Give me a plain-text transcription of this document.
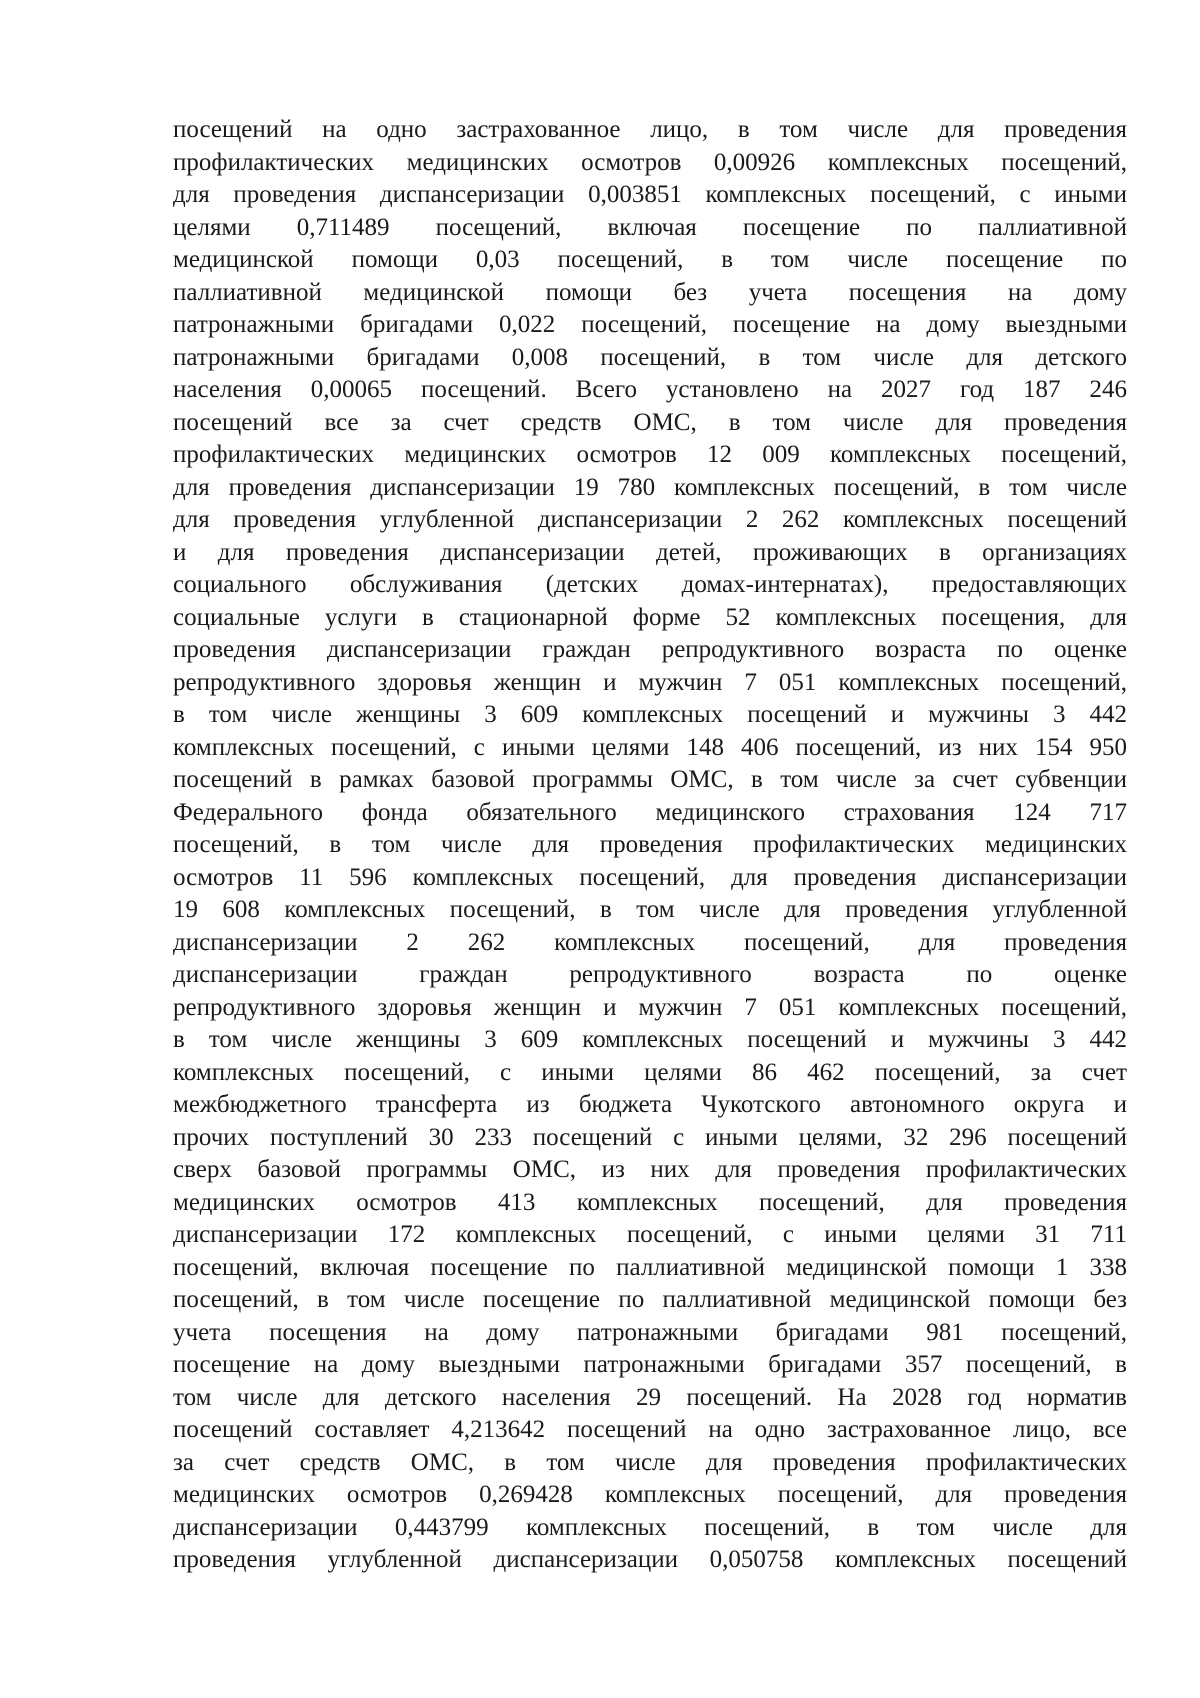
посещений на одно застрахованное лицо, в том числе для проведения
профилактических медицинских осмотров 0,00926 комплексных посещений,
для проведения диспансеризации 0,003851 комплексных посещений, с иными
целями 0,711489 посещений, включая посещение по паллиативной
медицинской помощи 0,03 посещений, в том числе посещение по
паллиативной медицинской помощи без учета посещения на дому
патронажными бригадами 0,022 посещений, посещение на дому выездными
патронажными бригадами 0,008 посещений, в том числе для детского
населения 0,00065 посещений. Всего установлено на 2027 год 187 246
посещений все за счет средств ОМС, в том числе для проведения
профилактических медицинских осмотров 12 009 комплексных посещений,
для проведения диспансеризации 19 780 комплексных посещений, в том числе
для проведения углубленной диспансеризации 2 262 комплексных посещений
и для проведения диспансеризации детей, проживающих в организациях
социального обслуживания (детских домах-интернатах), предоставляющих
социальные услуги в стационарной форме 52 комплексных посещения, для
проведения диспансеризации граждан репродуктивного возраста по оценке
репродуктивного здоровья женщин и мужчин 7 051 комплексных посещений,
в том числе женщины 3 609 комплексных посещений и мужчины 3 442
комплексных посещений, с иными целями 148 406 посещений, из них 154 950
посещений в рамках базовой программы ОМС, в том числе за счет субвенции
Федерального фонда обязательного медицинского страхования 124 717
посещений, в том числе для проведения профилактических медицинских
осмотров 11 596 комплексных посещений, для проведения диспансеризации
19 608 комплексных посещений, в том числе для проведения углубленной
диспансеризации 2 262 комплексных посещений, для проведения
диспансеризации граждан репродуктивного возраста по оценке
репродуктивного здоровья женщин и мужчин 7 051 комплексных посещений,
в том числе женщины 3 609 комплексных посещений и мужчины 3 442
комплексных посещений, с иными целями 86 462 посещений, за счет
межбюджетного трансферта из бюджета Чукотского автономного округа и
прочих поступлений 30 233 посещений с иными целями, 32 296 посещений
сверх базовой программы ОМС, из них для проведения профилактических
медицинских осмотров 413 комплексных посещений, для проведения
диспансеризации 172 комплексных посещений, с иными целями 31 711
посещений, включая посещение по паллиативной медицинской помощи 1 338
посещений, в том числе посещение по паллиативной медицинской помощи без
учета посещения на дому патронажными бригадами 981 посещений,
посещение на дому выездными патронажными бригадами 357 посещений, в
том числе для детского населения 29 посещений. На 2028 год норматив
посещений составляет 4,213642 посещений на одно застрахованное лицо, все
за счет средств ОМС, в том числе для проведения профилактических
медицинских осмотров 0,269428 комплексных посещений, для проведения
диспансеризации 0,443799 комплексных посещений, в том числе для
проведения углубленной диспансеризации 0,050758 комплексных посещений
